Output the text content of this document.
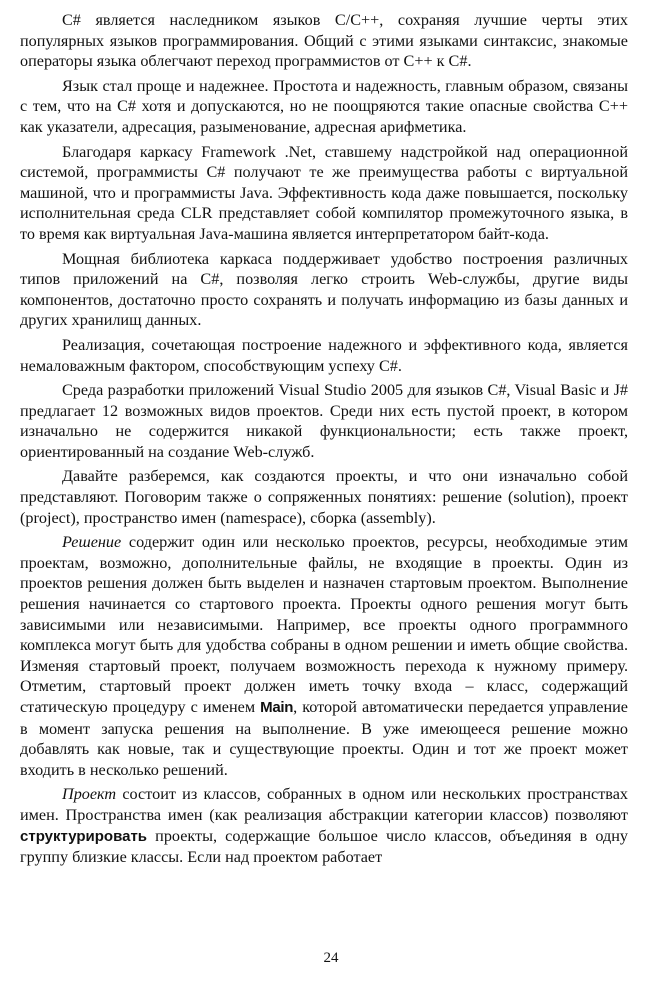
C# является наследником языков C/C++, сохраняя лучшие черты этих популярных языков программирования. Общий с этими языками синтаксис, знакомые операторы языка облегчают переход программистов от С++ к С#.

Язык стал проще и надежнее. Простота и надежность, главным образом, связаны с тем, что на C# хотя и допускаются, но не поощряются такие опасные свойства С++ как указатели, адресация, разыменование, адресная арифметика.

Благодаря каркасу Framework .Net, ставшему надстройкой над операционной системой, программисты C# получают те же преимущества работы с виртуальной машиной, что и программисты Java. Эффективность кода даже повышается, поскольку исполнительная среда CLR представляет собой компилятор промежуточного языка, в то время как виртуальная Java-машина является интерпретатором байт-кода.

Мощная библиотека каркаса поддерживает удобство построения различных типов приложений на C#, позволяя легко строить Web-службы, другие виды компонентов, достаточно просто сохранять и получать информацию из базы данных и других хранилищ данных.

Реализация, сочетающая построение надежного и эффективного кода, является немаловажным фактором, способствующим успеху C#.

Среда разработки приложений Visual Studio 2005 для языков C#, Visual Basic и J# предлагает 12 возможных видов проектов. Среди них есть пустой проект, в котором изначально не содержится никакой функциональности; есть также проект, ориентированный на создание Web-служб.

Давайте разберемся, как создаются проекты, и что они изначально собой представляют. Поговорим также о сопряженных понятиях: решение (solution), проект (project), пространство имен (namespace), сборка (assembly).

Решение содержит один или несколько проектов, ресурсы, необходимые этим проектам, возможно, дополнительные файлы, не входящие в проекты. Один из проектов решения должен быть выделен и назначен стартовым проектом. Выполнение решения начинается со стартового проекта. Проекты одного решения могут быть зависимыми или независимыми. Например, все проекты одного программного комплекса могут быть для удобства собраны в одном решении и иметь общие свойства. Изменяя стартовый проект, получаем возможность перехода к нужному примеру. Отметим, стартовый проект должен иметь точку входа – класс, содержащий статическую процедуру с именем Main, которой автоматически передается управление в момент запуска решения на выполнение. В уже имеющееся решение можно добавлять как новые, так и существующие проекты. Один и тот же проект может входить в несколько решений.

Проект состоит из классов, собранных в одном или нескольких пространствах имен. Пространства имен (как реализация абстракции категории классов) позволяют структурировать проекты, содержащие большое число классов, объединяя в одну группу близкие классы. Если над проектом работает

24
